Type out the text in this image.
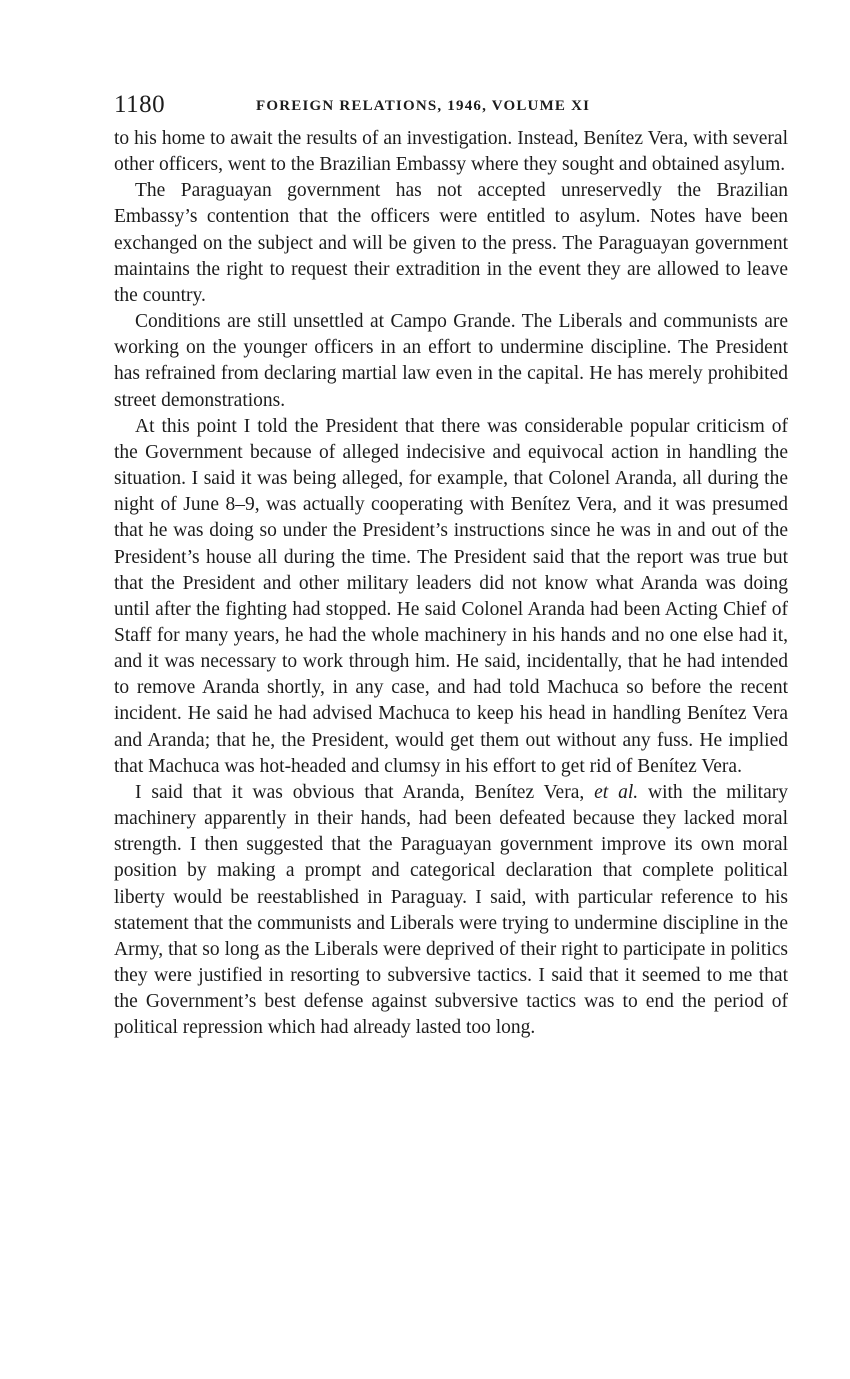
1180	FOREIGN RELATIONS, 1946, VOLUME XI

to his home to await the results of an investigation. Instead, Benítez Vera, with several other officers, went to the Brazilian Embassy where they sought and obtained asylum.

The Paraguayan government has not accepted unreservedly the Brazilian Embassy’s contention that the officers were entitled to asylum. Notes have been exchanged on the subject and will be given to the press. The Paraguayan government maintains the right to request their extradition in the event they are allowed to leave the country.

Conditions are still unsettled at Campo Grande. The Liberals and communists are working on the younger officers in an effort to undermine discipline. The President has refrained from declaring martial law even in the capital. He has merely prohibited street demonstrations.

At this point I told the President that there was considerable popular criticism of the Government because of alleged indecisive and equivocal action in handling the situation. I said it was being alleged, for example, that Colonel Aranda, all during the night of June 8–9, was actually cooperating with Benítez Vera, and it was presumed that he was doing so under the President’s instructions since he was in and out of the President’s house all during the time. The President said that the report was true but that the President and other military leaders did not know what Aranda was doing until after the fighting had stopped. He said Colonel Aranda had been Acting Chief of Staff for many years, he had the whole machinery in his hands and no one else had it, and it was necessary to work through him. He said, incidentally, that he had intended to remove Aranda shortly, in any case, and had told Machuca so before the recent incident. He said he had advised Machuca to keep his head in handling Benítez Vera and Aranda; that he, the President, would get them out without any fuss. He implied that Machuca was hot-headed and clumsy in his effort to get rid of Benítez Vera.

I said that it was obvious that Aranda, Benítez Vera, et al. with the military machinery apparently in their hands, had been defeated because they lacked moral strength. I then suggested that the Paraguayan government improve its own moral position by making a prompt and categorical declaration that complete political liberty would be reestablished in Paraguay. I said, with particular reference to his statement that the communists and Liberals were trying to undermine discipline in the Army, that so long as the Liberals were deprived of their right to participate in politics they were justified in resorting to subversive tactics. I said that it seemed to me that the Government’s best defense against subversive tactics was to end the period of political repression which had already lasted too long.
